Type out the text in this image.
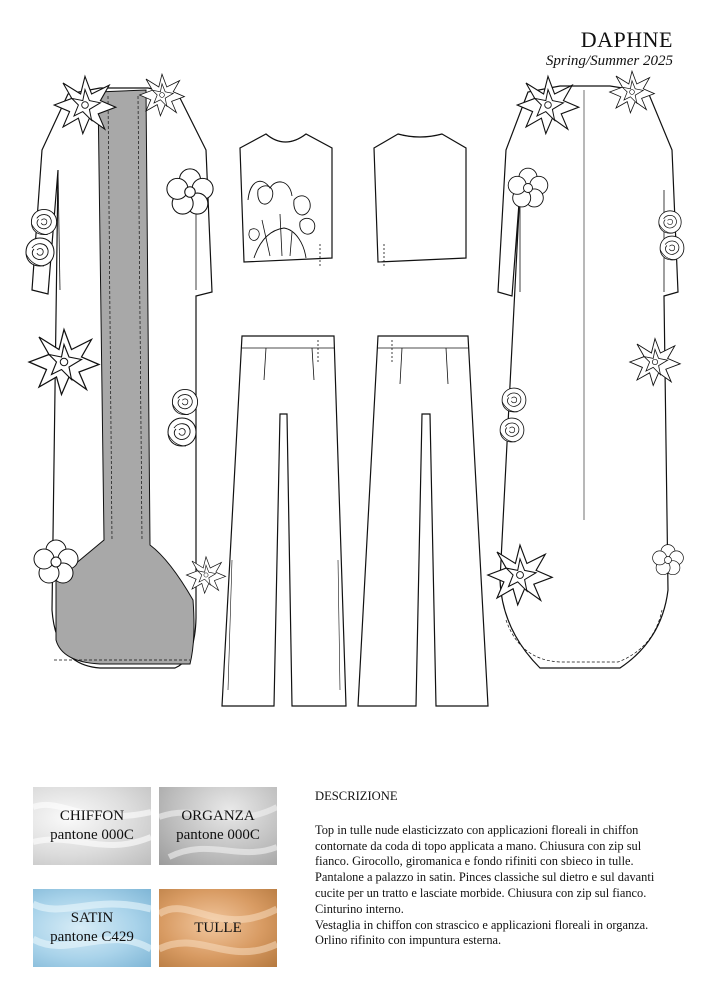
DAPHNE
Spring/Summer 2025
CHIFFON
pantone 000C
ORGANZA
pantone 000C
SATIN
pantone C429
TULLE
DESCRIZIONE

Top in tulle nude elasticizzato con applicazioni floreali in chiffon contornate da coda di topo applicata a mano. Chiusura con zip sul fianco. Girocollo, giromanica e fondo rifiniti con sbieco in tulle.

Pantalone a palazzo in satin. Pinces classiche sul dietro e sul davanti cucite per un tratto e lasciate morbide. Chiusura con zip sul fianco. Cinturino interno.

Vestaglia in chiffon con strascico e applicazioni floreali in organza. Orlino rifinito con impuntura esterna.
